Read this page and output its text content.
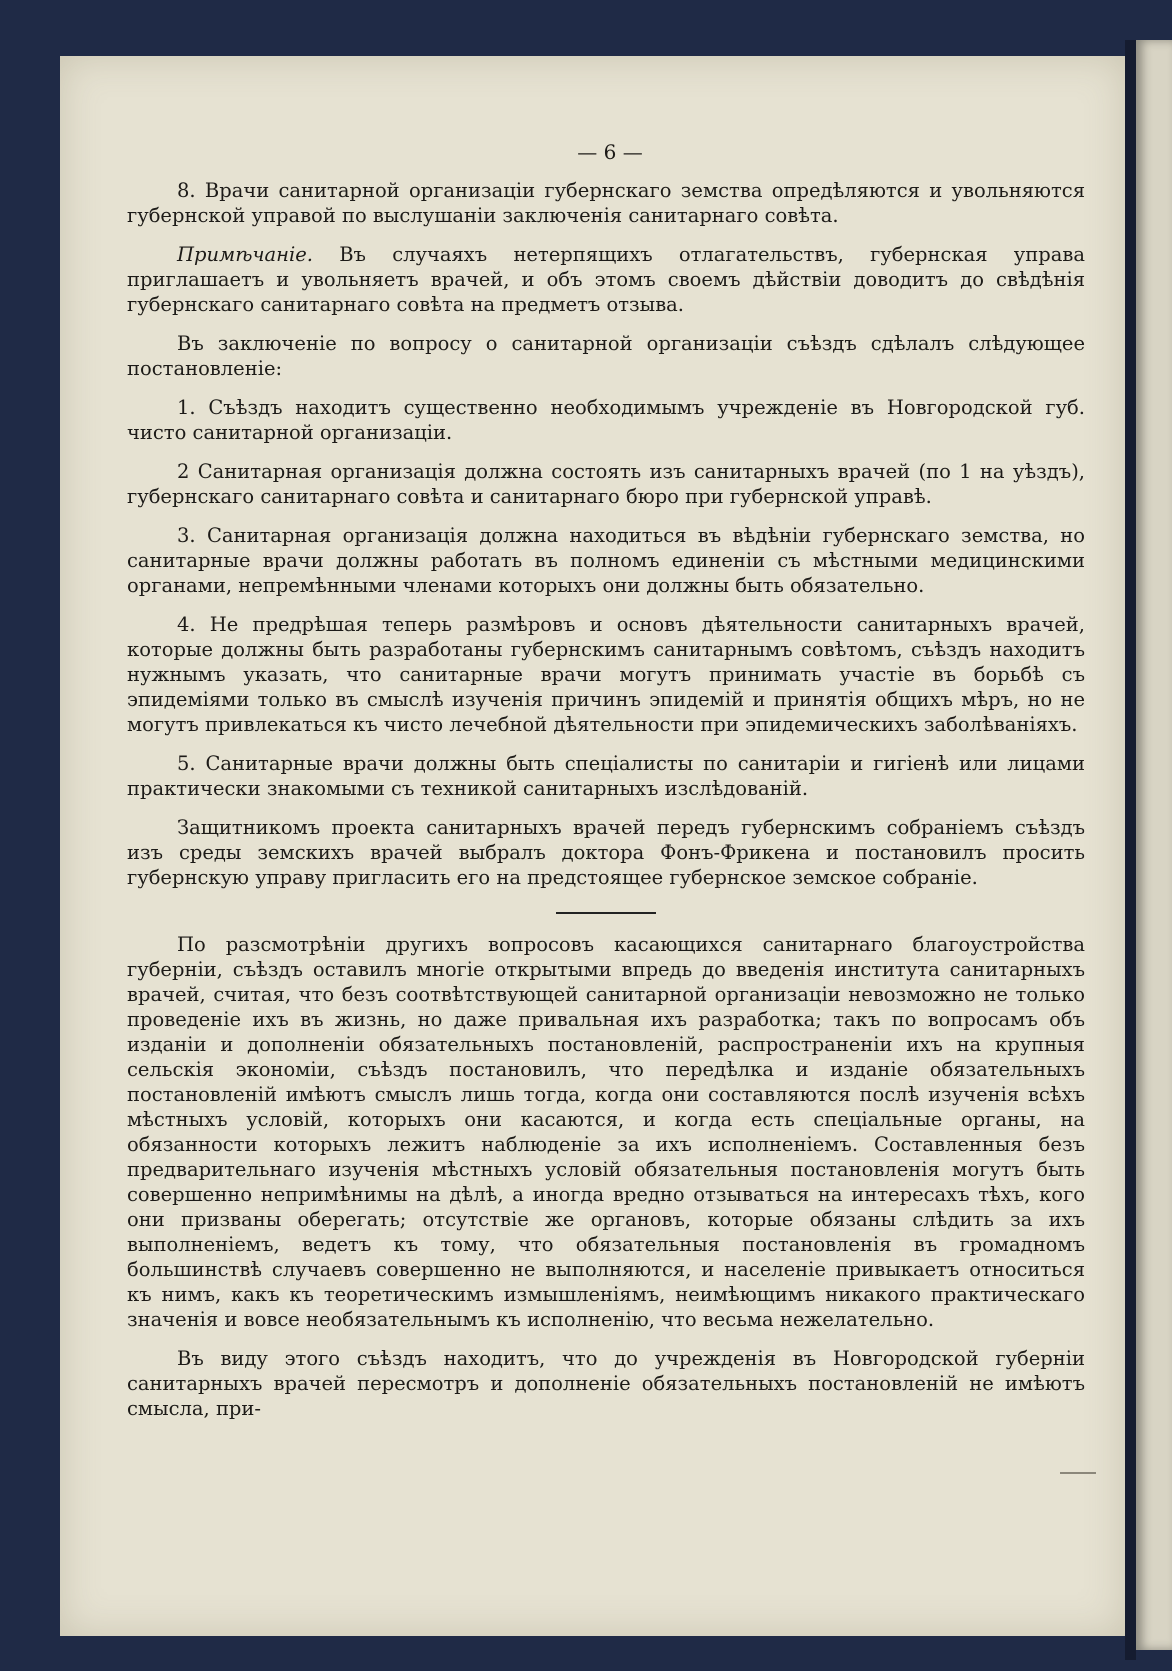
— 6 —

8. Врачи санитарной организаціи губернскаго земства опредѣляются и увольняются губернской управой по выслушаніи заключенія санитарнаго совѣта.

Примѣчаніе. Въ случаяхъ нетерпящихъ отлагательствъ, губернская управа приглашаетъ и увольняетъ врачей, и объ этомъ своемъ дѣйствіи доводитъ до свѣдѣнія губернскаго санитарнаго совѣта на предметъ отзыва.

Въ заключеніе по вопросу о санитарной организаціи съѣздъ сдѣлалъ слѣдующее постановленіе:

1. Съѣздъ находитъ существенно необходимымъ учрежденіе въ Новгородской губ. чисто санитарной организаціи.

2 Санитарная организація должна состоять изъ санитарныхъ врачей (по 1 на уѣздъ), губернскаго санитарнаго совѣта и санитарнаго бюро при губернской управѣ.

3. Санитарная организація должна находиться въ вѣдѣніи губернскаго земства, но санитарные врачи должны работать въ полномъ единеніи съ мѣстными медицинскими органами, непремѣнными членами которыхъ они должны быть обязательно.

4. Не предрѣшая теперь размѣровъ и основъ дѣятельности санитарныхъ врачей, которые должны быть разработаны губернскимъ санитарнымъ совѣтомъ, съѣздъ находитъ нужнымъ указать, что санитарные врачи могутъ принимать участіе въ борьбѣ съ эпидеміями только въ смыслѣ изученія причинъ эпидемій и принятія общихъ мѣръ, но не могутъ привлекаться къ чисто лечебной дѣятельности при эпидемическихъ заболѣваніяхъ.

5. Санитарные врачи должны быть спеціалисты по санитаріи и гигіенѣ или лицами практически знакомыми съ техникой санитарныхъ изслѣдованій.

Защитникомъ проекта санитарныхъ врачей передъ губернскимъ собраніемъ съѣздъ изъ среды земскихъ врачей выбралъ доктора Фонъ-Фрикена и постановилъ просить губернскую управу пригласить его на предстоящее губернское земское собраніе.

По разсмотрѣніи другихъ вопросовъ касающихся санитарнаго благоустройства губерніи, съѣздъ оставилъ многіе открытыми впредь до введенія института санитарныхъ врачей, считая, что безъ соотвѣтствующей санитарной организаціи невозможно не только проведеніе ихъ въ жизнь, но даже привальная ихъ разработка; такъ по вопросамъ объ изданіи и дополненіи обязательныхъ постановленій, распространеніи ихъ на крупныя сельскія экономіи, съѣздъ постановилъ, что передѣлка и изданіе обязательныхъ постановленій имѣютъ смыслъ лишь тогда, когда они составляются послѣ изученія всѣхъ мѣстныхъ условій, которыхъ они касаются, и когда есть спеціальные органы, на обязанности которыхъ лежитъ наблюденіе за ихъ исполненіемъ. Составленныя безъ предварительнаго изученія мѣстныхъ условій обязательныя постановленія могутъ быть совершенно непримѣнимы на дѣлѣ, а иногда вредно отзываться на интересахъ тѣхъ, кого они призваны оберегать; отсутствіе же органовъ, которые обязаны слѣдить за ихъ выполненіемъ, ведетъ къ тому, что обязательныя постановленія въ громадномъ большинствѣ случаевъ совершенно не выполняются, и населеніе привыкаетъ относиться къ нимъ, какъ къ теоретическимъ измышленіямъ, неимѣющимъ никакого практическаго значенія и вовсе необязательнымъ къ исполненію, что весьма нежелательно.

Въ виду этого съѣздъ находитъ, что до учрежденія въ Новгородской губерніи санитарныхъ врачей пересмотръ и дополненіе обязательныхъ постановленій не имѣютъ смысла, при-
